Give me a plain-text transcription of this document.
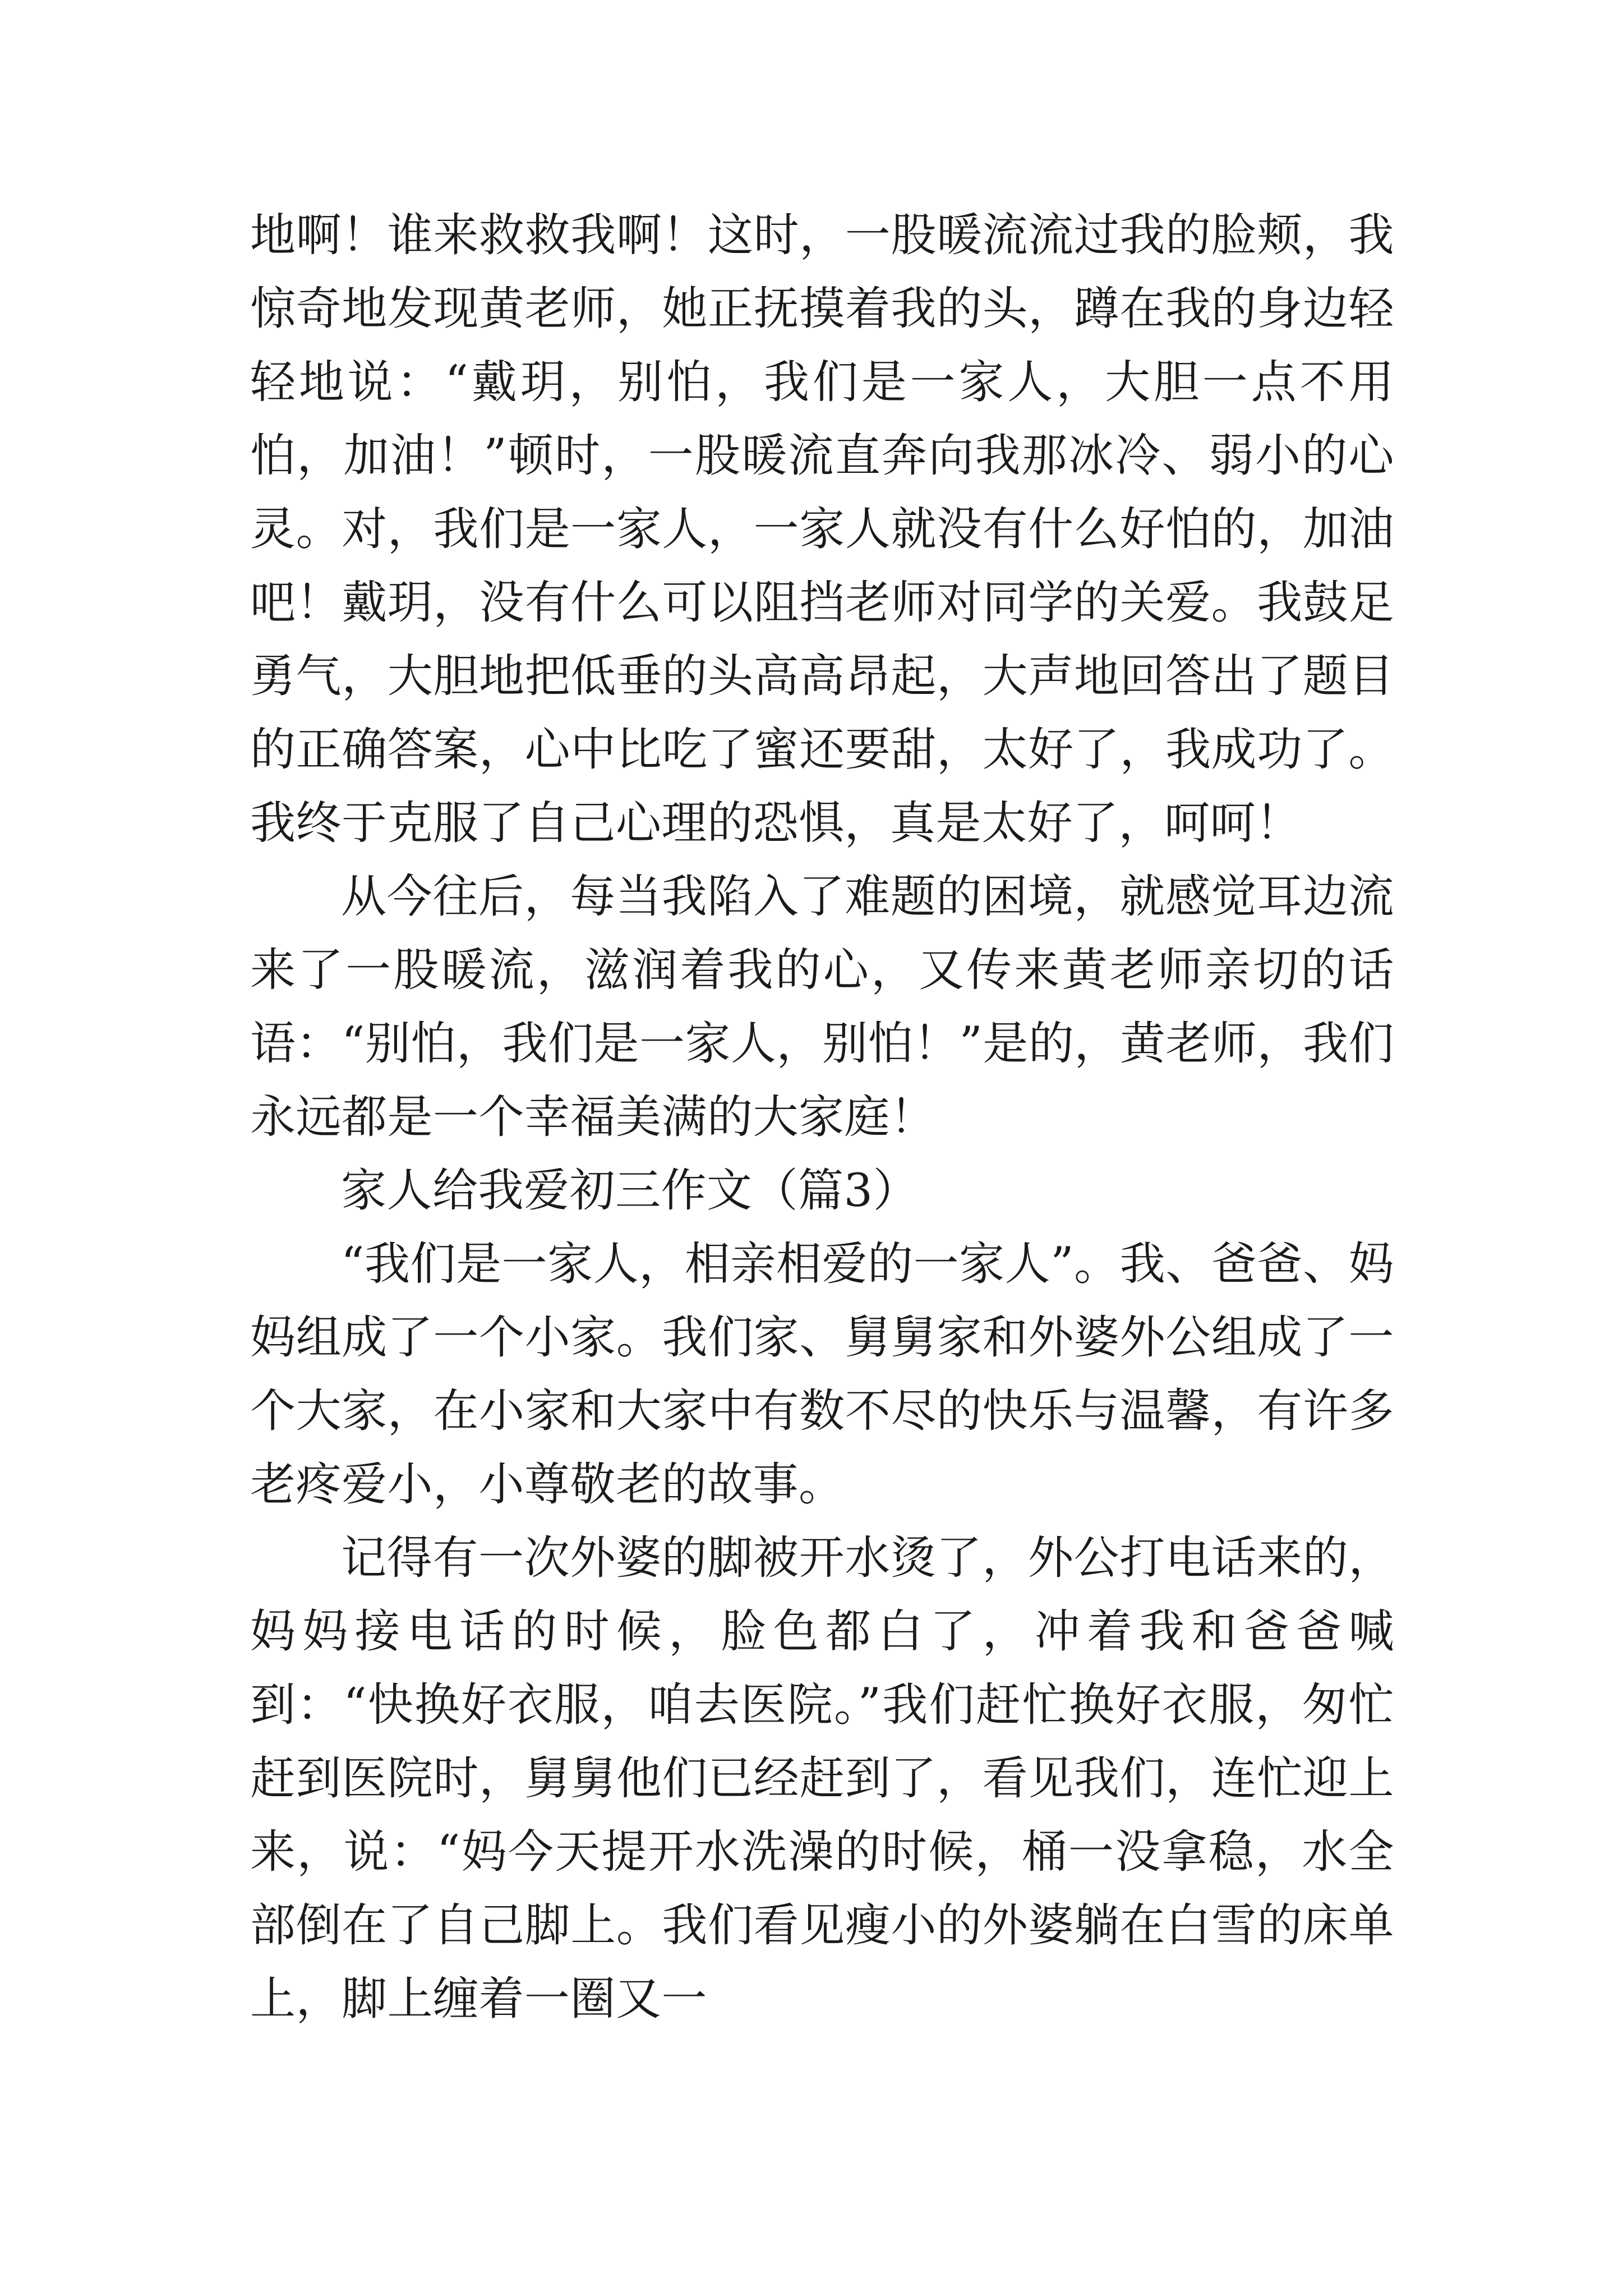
地啊！谁来救救我啊！这时，一股暖流流过我的脸颊，我惊奇地发现黄老师，她正抚摸着我的头，蹲在我的身边轻轻地说：“戴玥，别怕，我们是一家人，大胆一点不用怕，加油！”顿时，一股暖流直奔向我那冰冷、弱小的心灵。对，我们是一家人，一家人就没有什么好怕的，加油吧！戴玥，没有什么可以阻挡老师对同学的关爱。我鼓足勇气，大胆地把低垂的头高高昂起，大声地回答出了题目的正确答案，心中比吃了蜜还要甜，太好了，我成功了。我终于克服了自己心理的恐惧，真是太好了，呵呵！

从今往后，每当我陷入了难题的困境，就感觉耳边流来了一股暖流，滋润着我的心，又传来黄老师亲切的话语：“别怕，我们是一家人，别怕！”是的，黄老师，我们永远都是一个幸福美满的大家庭！

家人给我爱初三作文（篇3）

“我们是一家人，相亲相爱的一家人”。我、爸爸、妈妈组成了一个小家。我们家、舅舅家和外婆外公组成了一个大家，在小家和大家中有数不尽的快乐与温馨，有许多老疼爱小，小尊敬老的故事。

记得有一次外婆的脚被开水烫了，外公打电话来的，妈妈接电话的时候，脸色都白了，冲着我和爸爸喊到：“快换好衣服，咱去医院。”我们赶忙换好衣服，匆忙赶到医院时，舅舅他们已经赶到了，看见我们，连忙迎上来，说：“妈今天提开水洗澡的时候，桶一没拿稳，水全部倒在了自己脚上。我们看见瘦小的外婆躺在白雪的床单上，脚上缠着一圈又一
